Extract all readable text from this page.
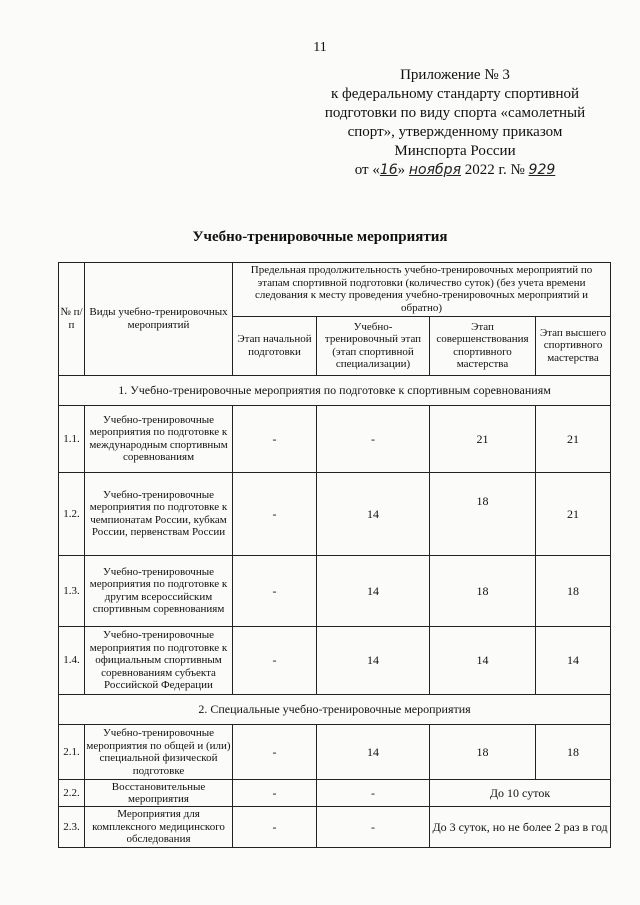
11
Приложение № 3
к федеральному стандарту спортивной
подготовки по виду спорта «самолетный
спорт», утвержденному приказом
Минспорта России
от «16» ноября 2022 г. № 929
Учебно-тренировочные мероприятия
№ п/п	Виды учебно-тренировочных мероприятий	Предельная продолжительность учебно-тренировочных мероприятий по этапам спортивной подготовки (количество суток) (без учета времени следования к месту проведения учебно-тренировочных мероприятий и обратно)			
		Этап начальной подготовки	Учебно-тренировочный этап (этап спортивной специализации)	Этап совершенствования спортивного мастерства	Этап высшего спортивного мастерства
1. Учебно-тренировочные мероприятия по подготовке к спортивным соревнованиям					
1.1.	Учебно-тренировочные мероприятия по подготовке к международным спортивным соревнованиям	-	-	21	21
1.2.	Учебно-тренировочные мероприятия по подготовке к чемпионатам России, кубкам России, первенствам России	-	14	18	21
1.3.	Учебно-тренировочные мероприятия по подготовке к другим всероссийским спортивным соревнованиям	-	14	18	18
1.4.	Учебно-тренировочные мероприятия по подготовке к официальным спортивным соревнованиям субъекта Российской Федерации	-	14	14	14
2. Специальные учебно-тренировочные мероприятия					
2.1.	Учебно-тренировочные мероприятия по общей и (или) специальной физической подготовке	-	14	18	18
2.2.	Восстановительные мероприятия	-	-	До 10 суток	
2.3.	Мероприятия для комплексного медицинского обследования	-	-	До 3 суток, но не более 2 раз в год	
